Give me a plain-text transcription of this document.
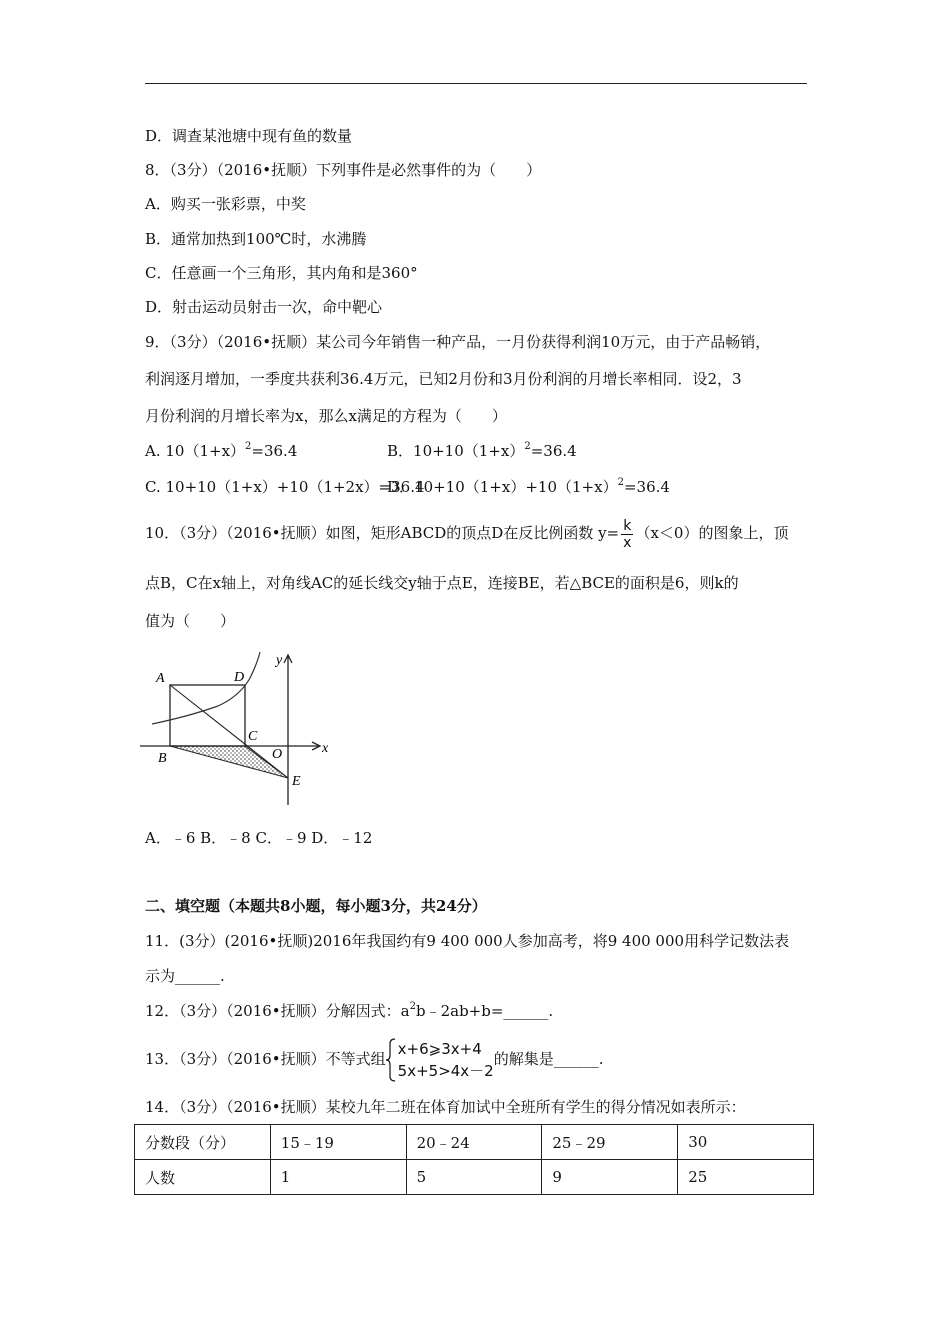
D．调查某池塘中现有鱼的数量
8．（3分）（2016•抚顺）下列事件是必然事件的为（　　）
A．购买一张彩票，中奖
B．通常加热到100℃时，水沸腾
C．任意画一个三角形，其内角和是360°
D．射击运动员射击一次，命中靶心
9．（3分）（2016•抚顺）某公司今年销售一种产品，一月份获得利润10万元，由于产品畅销，
利润逐月增加，一季度共获利36.4万元，已知2月份和3月份利润的月增长率相同．设2，3
月份利润的月增长率为x，那么x满足的方程为（　　）
A. $10(1+x)^2=36.4$	B．$10+10(1+x)^2=36.4$
C. 10+10（1+x）+10（1+2x）=36.4
D．$10+10(1+x)+10(1+x)^2=36.4$
10．（3分）（2016•抚顺）如图，矩形ABCD的顶点D在反比例函数 $y= \frac{k}{x} (x<0)$的图象上，顶
点B，C在x轴上，对角线AC的延长线交y轴于点E，连接BE，若△BCE的面积是6，则k的
值为（　　）
A	D
B
C
O	x
y
E
A．﹣6 B．﹣8 C．﹣9 D．﹣12
二、填空题（本题共8小题，每小题3分，共24分）
11．(3分）(2016•抚顺)2016年我国约有9 400 000人参加高考，将9 400 000用科学记数法表
示为______.
12．（3分）（2016•抚顺）分解因式：$a^2b﹣2ab+b=\_\_\_\_\_\_$.
13．（3分）（2016•抚顺）不等式组
x+6⩾3x+4
5x+5>4x－2
的解集是______.
14．（3分）（2016•抚顺）某校九年二班在体育加试中全班所有学生的得分情况如表所示：
分数段（分）	15﹣19	20﹣24	25﹣29	30
人数	1	5	9	25
